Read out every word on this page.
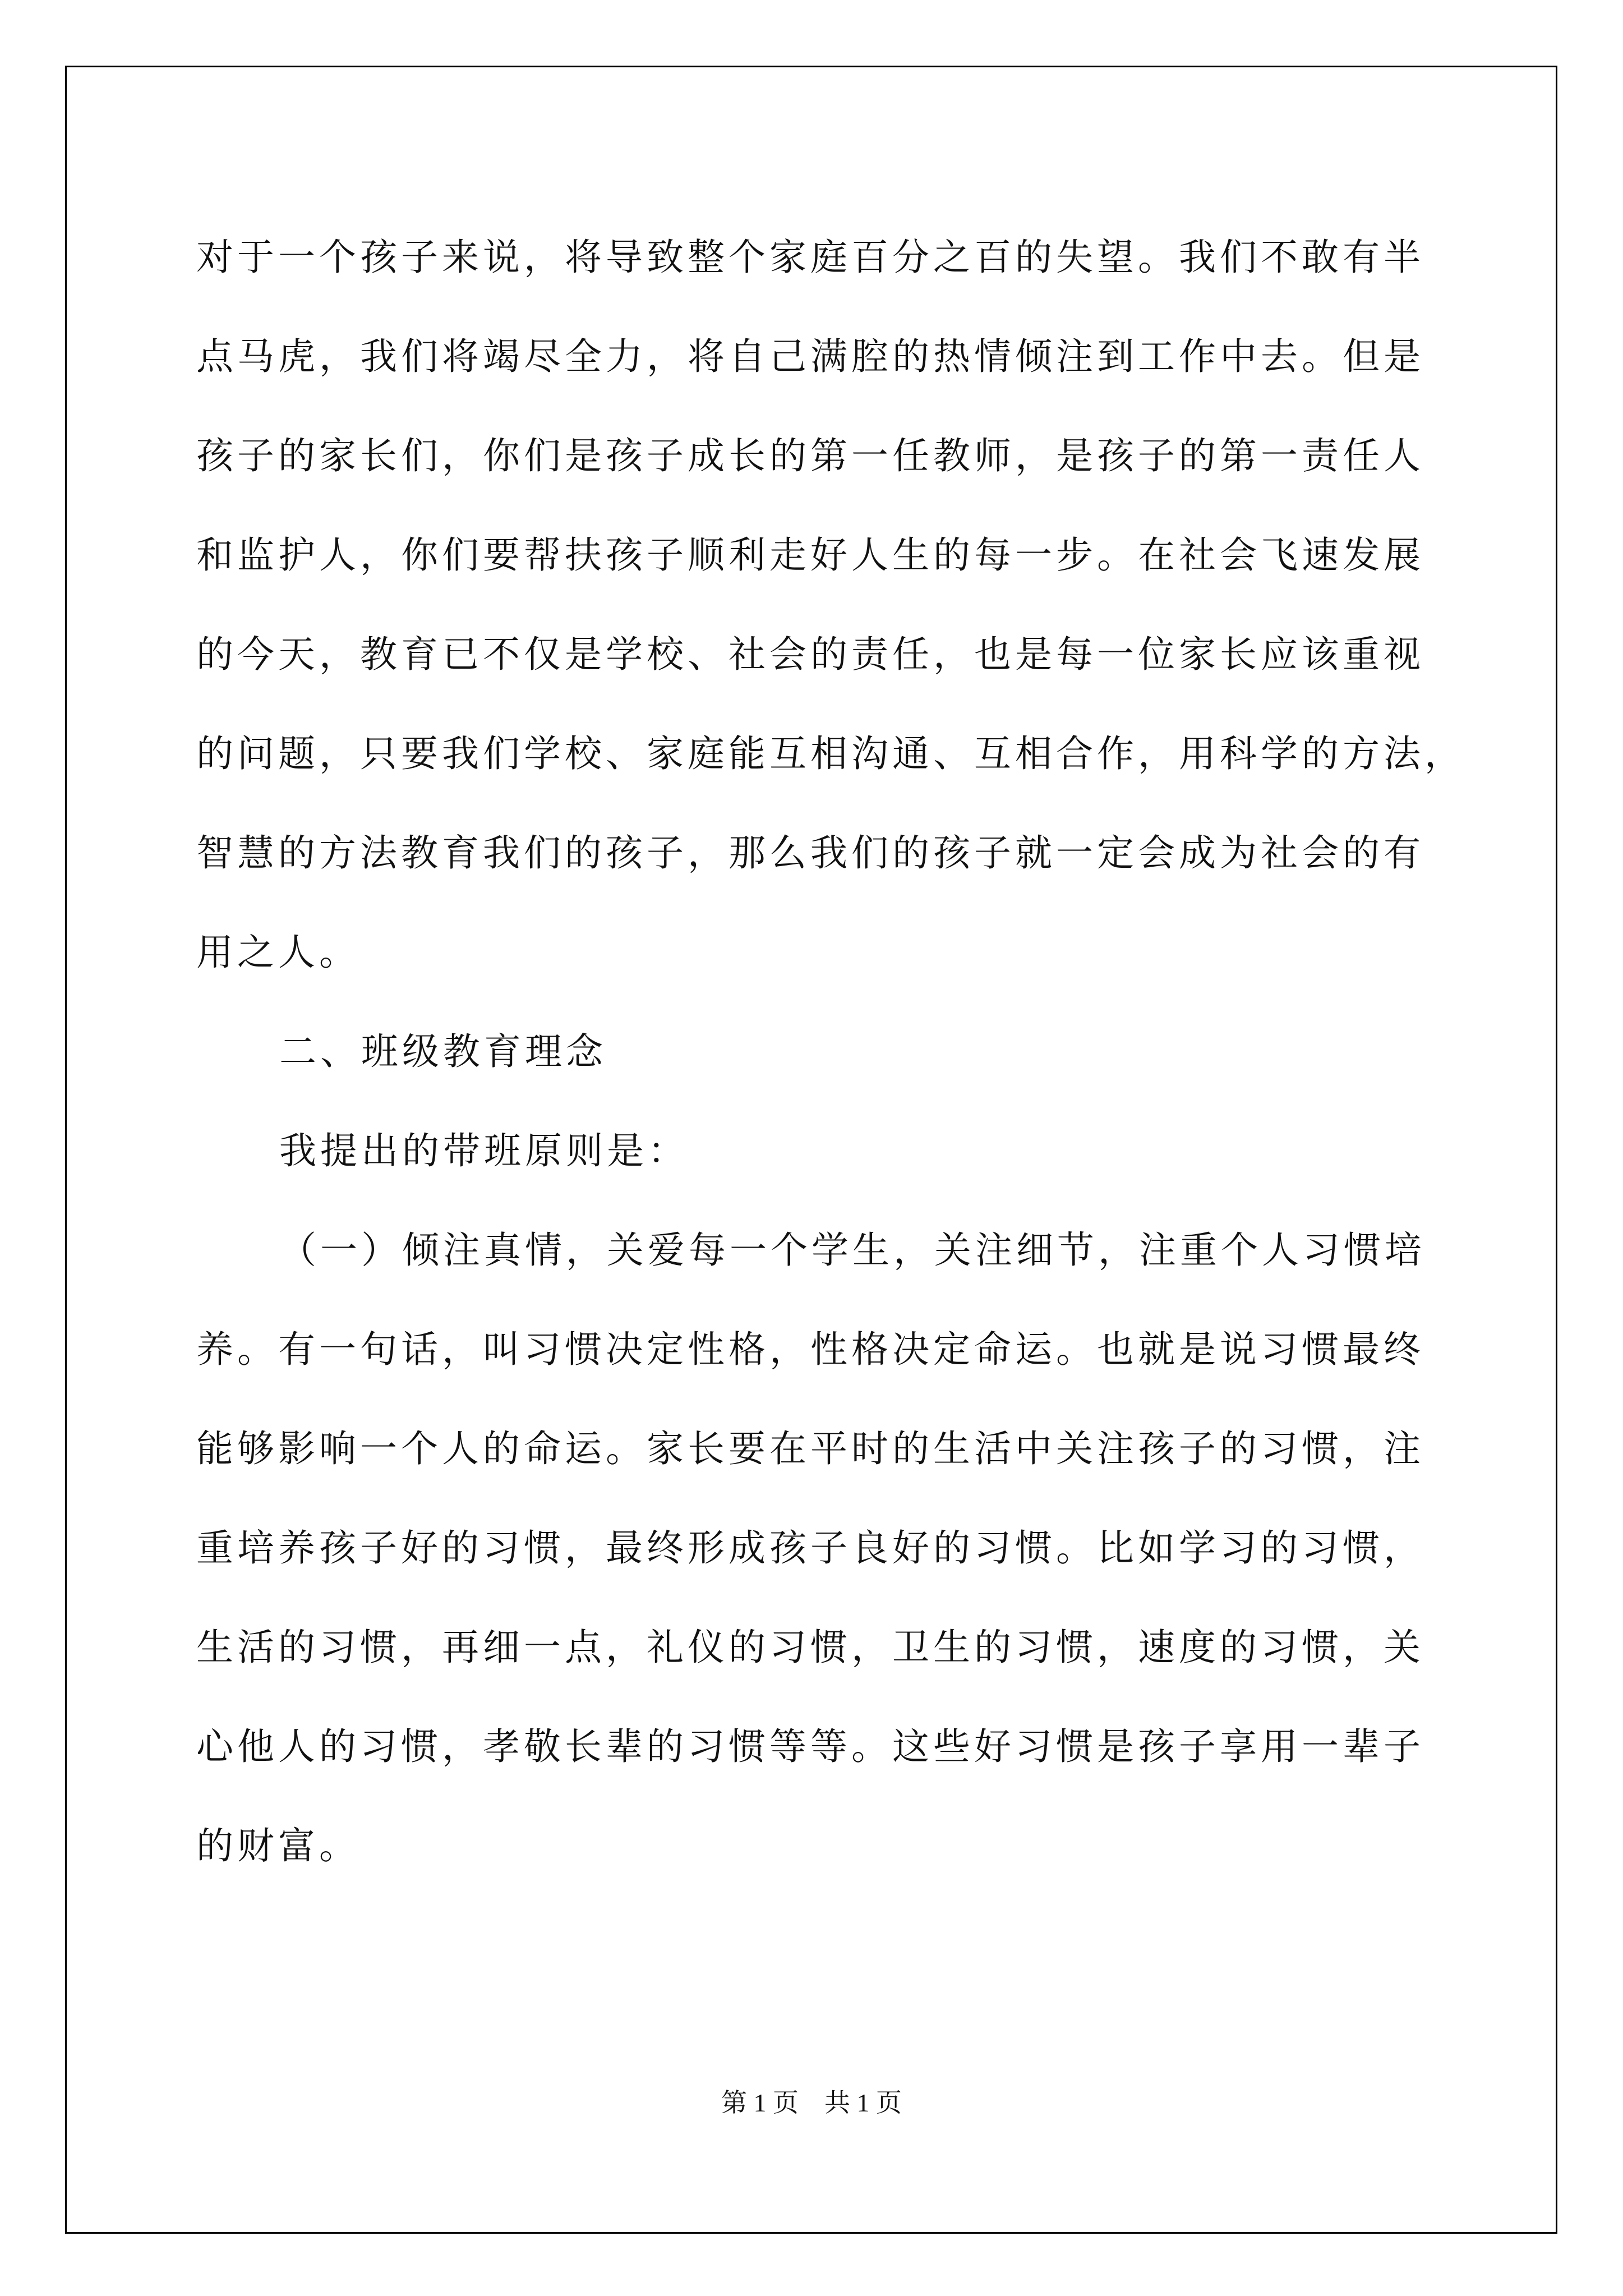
对于一个孩子来说，将导致整个家庭百分之百的失望。我们不敢有半
点马虎，我们将竭尽全力，将自己满腔的热情倾注到工作中去。但是
孩子的家长们，你们是孩子成长的第一任教师，是孩子的第一责任人
和监护人，你们要帮扶孩子顺利走好人生的每一步。在社会飞速发展
的今天，教育已不仅是学校、社会的责任，也是每一位家长应该重视
的问题，只要我们学校、家庭能互相沟通、互相合作，用科学的方法，
智慧的方法教育我们的孩子，那么我们的孩子就一定会成为社会的有
用之人。
二、班级教育理念
我提出的带班原则是：
（一）倾注真情，关爱每一个学生，关注细节，注重个人习惯培
养。有一句话，叫习惯决定性格，性格决定命运。也就是说习惯最终
能够影响一个人的命运。家长要在平时的生活中关注孩子的习惯，注
重培养孩子好的习惯，最终形成孩子良好的习惯。比如学习的习惯，
生活的习惯，再细一点，礼仪的习惯，卫生的习惯，速度的习惯，关
心他人的习惯，孝敬长辈的习惯等等。这些好习惯是孩子享用一辈子
的财富。
第 1 页    共 1 页
